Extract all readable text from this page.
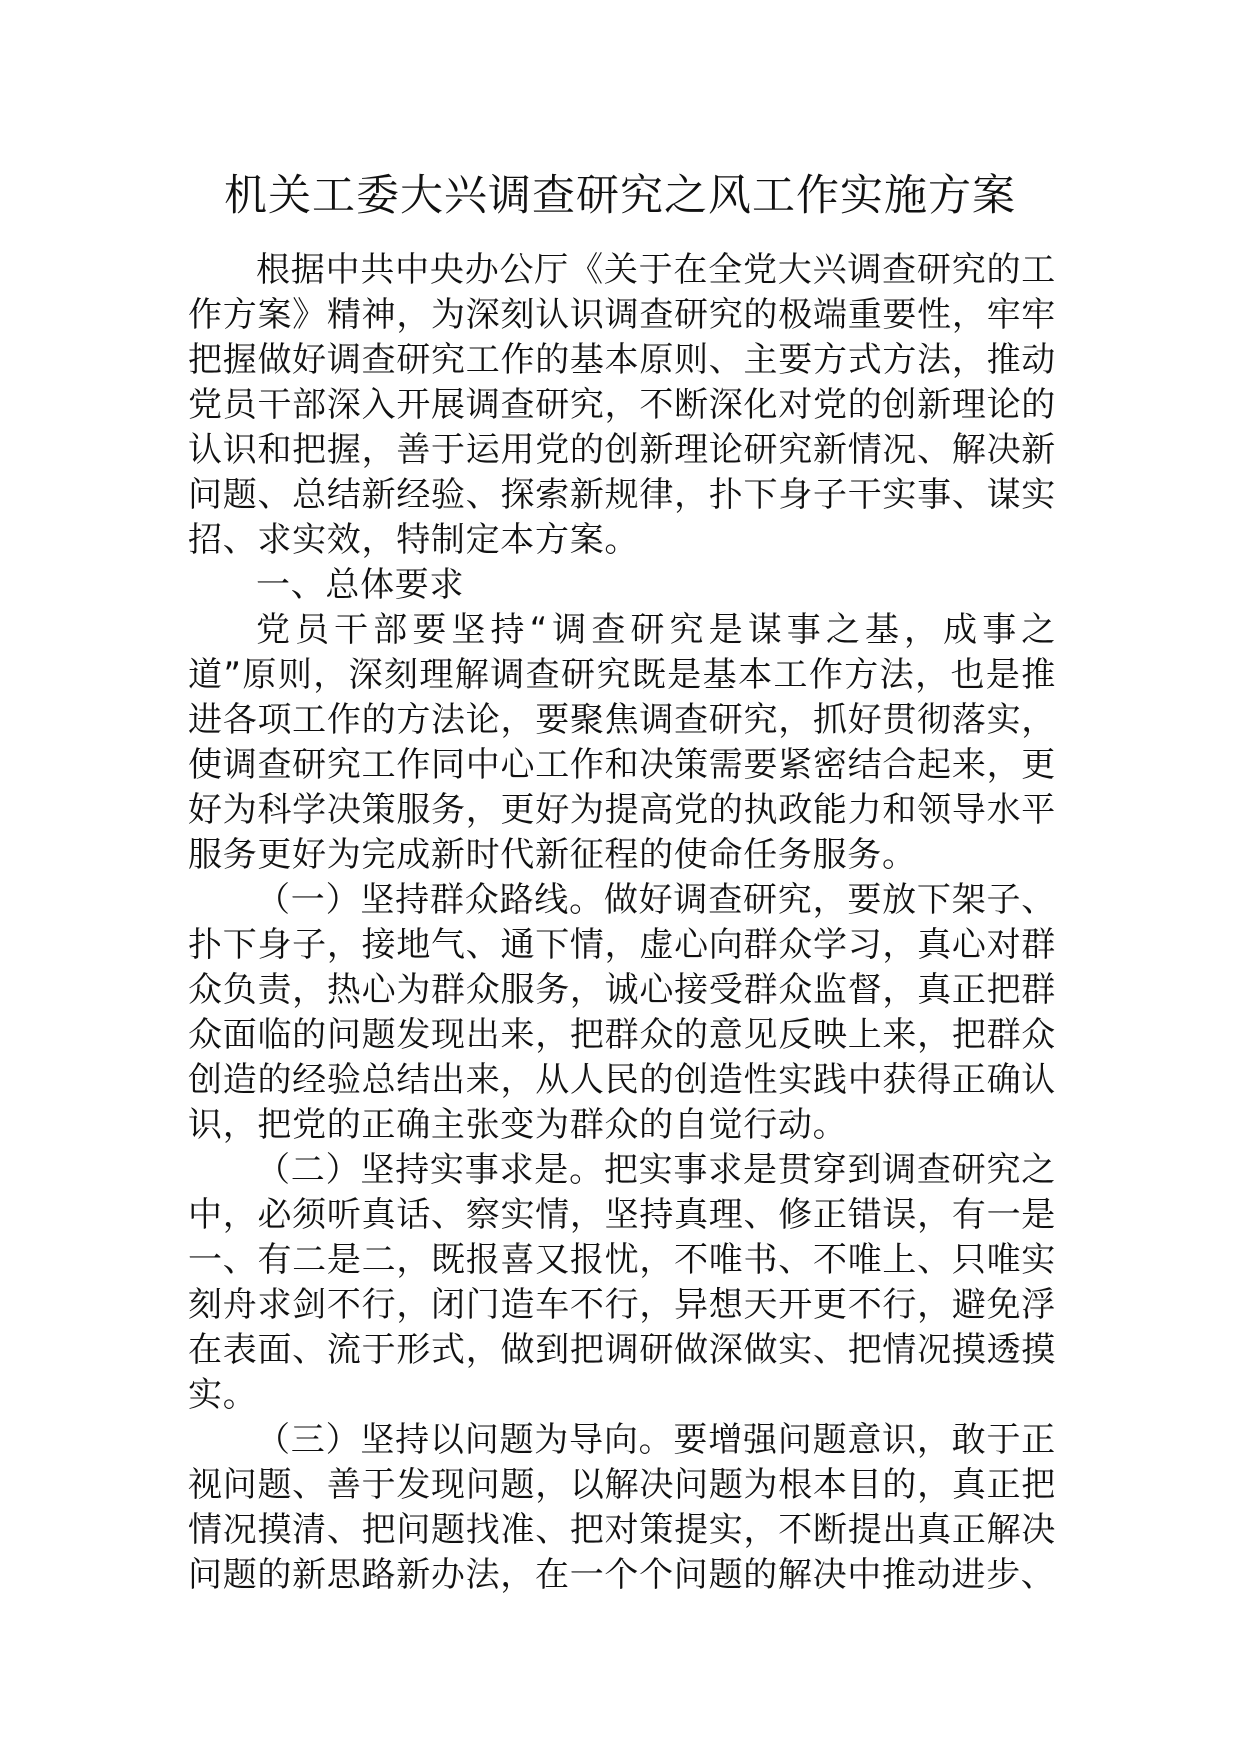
机关工委大兴调查研究之风工作实施方案

根据中共中央办公厅《关于在全党大兴调查研究的工作方案》精神，为深刻认识调查研究的极端重要性，牢牢把握做好调查研究工作的基本原则、主要方式方法，推动党员干部深入开展调查研究，不断深化对党的创新理论的认识和把握，善于运用党的创新理论研究新情况、解决新问题、总结新经验、探索新规律，扑下身子干实事、谋实招、求实效，特制定本方案。

一、总体要求

党员干部要坚持“调查研究是谋事之基，成事之道”原则，深刻理解调查研究既是基本工作方法，也是推进各项工作的方法论，要聚焦调查研究，抓好贯彻落实，使调查研究工作同中心工作和决策需要紧密结合起来，更好为科学决策服务，更好为提高党的执政能力和领导水平服务更好为完成新时代新征程的使命任务服务。

（一）坚持群众路线。做好调查研究，要放下架子、扑下身子，接地气、通下情，虚心向群众学习，真心对群众负责，热心为群众服务，诚心接受群众监督，真正把群众面临的问题发现出来，把群众的意见反映上来，把群众创造的经验总结出来，从人民的创造性实践中获得正确认识，把党的正确主张变为群众的自觉行动。

（二）坚持实事求是。把实事求是贯穿到调查研究之中，必须听真话、察实情，坚持真理、修正错误，有一是一、有二是二，既报喜又报忧，不唯书、不唯上、只唯实刻舟求剑不行，闭门造车不行，异想天开更不行，避免浮在表面、流于形式，做到把调研做深做实、把情况摸透摸实。

（三）坚持以问题为导向。要增强问题意识，敢于正视问题、善于发现问题，以解决问题为根本目的，真正把情况摸清、把问题找准、把对策提实，不断提出真正解决问题的新思路新办法，在一个个问题的解决中推动进步、
